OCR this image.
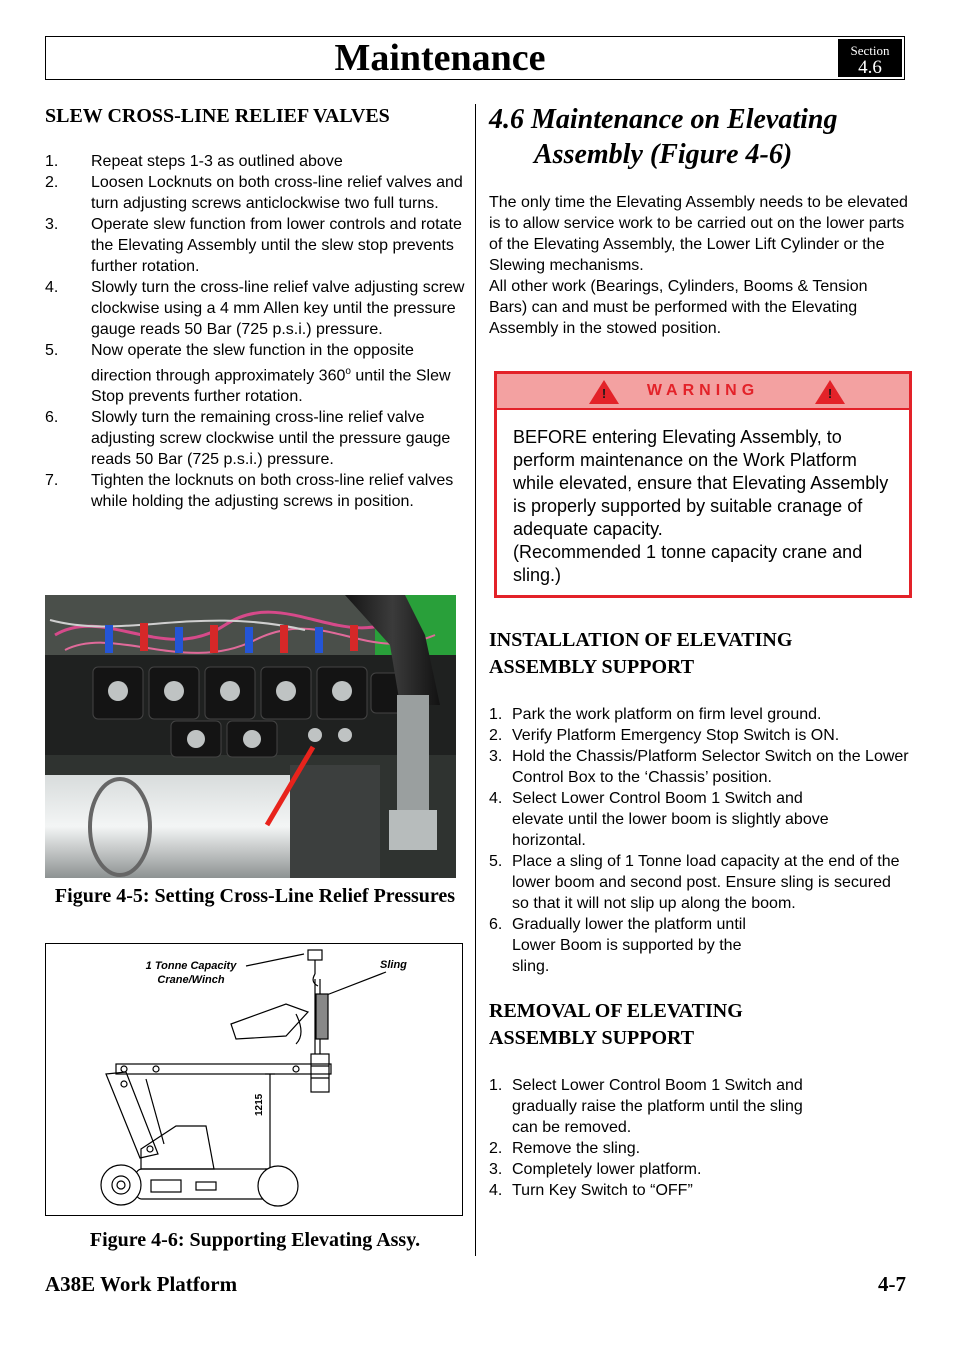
Maintenance	Section
4.6
SLEW CROSS-LINE RELIEF VALVES
1. Repeat steps 1-3 as outlined above
2. Loosen Locknuts on both cross-line relief valves and turn adjusting screws anticlockwise two full turns.
3. Operate slew function from lower controls and rotate the Elevating Assembly until the slew stop prevents further rotation.
4. Slowly turn the cross-line relief valve adjusting screw clockwise using a 4 mm Allen key until the pressure gauge reads 50 Bar (725 p.s.i.) pressure.
5. Now operate the slew function in the opposite direction through approximately 360$^o$ until the Slew Stop prevents further rotation.
6. Slowly turn the remaining cross-line relief valve adjusting screw clockwise until the pressure gauge reads 50 Bar (725 p.s.i.) pressure.
7. Tighten the locknuts on both cross-line relief valves while holding the adjusting screws in position.
Figure 4-5: Setting Cross-Line Relief Pressures
1 Tonne Capacity Crane/Winch
Sling
1215
Figure 4-6: Supporting Elevating Assy.
4.6 Maintenance on Elevating Assembly (Figure 4-6)

The only time the Elevating Assembly needs to be elevated is to allow service work to be carried out on the lower parts of the Elevating Assembly, the Lower Lift Cylinder or the Slewing mechanisms.

All other work (Bearings, Cylinders, Booms & Tension Bars) can and must be performed with the Elevating Assembly in the stowed position.

!	WARNING	!
BEFORE entering Elevating Assembly, to perform maintenance on the Work Platform while elevated, ensure that Elevating Assembly is properly supported by suitable cranage of adequate capacity.
(Recommended 1 tonne capacity crane and sling.)
INSTALLATION OF ELEVATING ASSEMBLY SUPPORT
1. Park the work platform on firm level ground.
2. Verify Platform Emergency Stop Switch is ON.
3. Hold the Chassis/Platform Selector Switch on the Lower Control Box to the ‘Chassis’ position.
4. Select Lower Control Boom 1 Switch and elevate until the lower boom is slightly above horizontal.
5. Place a sling of 1 Tonne load capacity at the end of the lower boom and second post. Ensure sling is secured so that it will not slip up along the boom.
6. Gradually lower the platform until Lower Boom is supported by the sling.
REMOVAL OF ELEVATING ASSEMBLY SUPPORT
1. Select Lower Control Boom 1 Switch and gradually raise the platform until the sling can be removed.
2. Remove the sling.
3. Completely lower platform.
4. Turn Key Switch to “OFF”
A38E Work Platform	4-7
